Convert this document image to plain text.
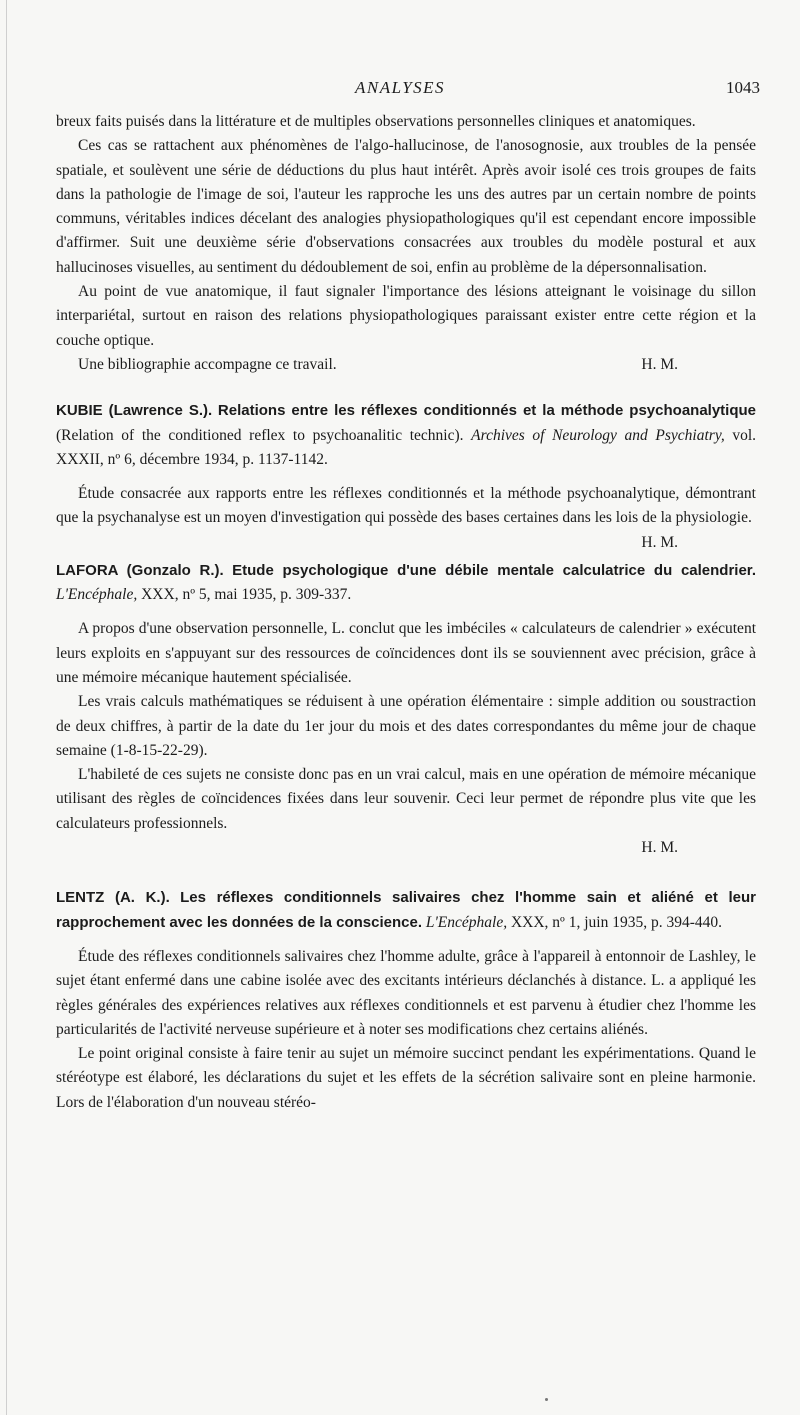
ANALYSES	1043

breux faits puisés dans la littérature et de multiples observations personnelles cliniques et anatomiques.

Ces cas se rattachent aux phénomènes de l'algo-hallucinose, de l'anosognosie, aux troubles de la pensée spatiale, et soulèvent une série de déductions du plus haut intérêt. Après avoir isolé ces trois groupes de faits dans la pathologie de l'image de soi, l'auteur les rapproche les uns des autres par un certain nombre de points communs, véritables indices décelant des analogies physiopathologiques qu'il est cependant encore impossible d'affirmer. Suit une deuxième série d'observations consacrées aux troubles du modèle postural et aux hallucinoses visuelles, au sentiment du dédoublement de soi, enfin au problème de la dépersonnalisation.

Au point de vue anatomique, il faut signaler l'importance des lésions atteignant le voisinage du sillon interpariétal, surtout en raison des relations physiopathologiques paraissant exister entre cette région et la couche optique.

Une bibliographie accompagne ce travail.	H. M.

KUBIE (Lawrence S.). Relations entre les réflexes conditionnés et la méthode psychoanalytique (Relation of the conditioned reflex to psychoanalitic technic). Archives of Neurology and Psychiatry, vol. XXXII, nº 6, décembre 1934, p. 1137-1142.

Étude consacrée aux rapports entre les réflexes conditionnés et la méthode psychoanalytique, démontrant que la psychanalyse est un moyen d'investigation qui possède des bases certaines dans les lois de la physiologie.
H. M.

LAFORA (Gonzalo R.). Etude psychologique d'une débile mentale calculatrice du calendrier. L'Encéphale, XXX, nº 5, mai 1935, p. 309-337.

A propos d'une observation personnelle, L. conclut que les imbéciles « calculateurs de calendrier » exécutent leurs exploits en s'appuyant sur des ressources de coïncidences dont ils se souviennent avec précision, grâce à une mémoire mécanique hautement spécialisée.

Les vrais calculs mathématiques se réduisent à une opération élémentaire : simple addition ou soustraction de deux chiffres, à partir de la date du 1er jour du mois et des dates correspondantes du même jour de chaque semaine (1-8-15-22-29).

L'habileté de ces sujets ne consiste donc pas en un vrai calcul, mais en une opération de mémoire mécanique utilisant des règles de coïncidences fixées dans leur souvenir. Ceci leur permet de répondre plus vite que les calculateurs professionnels.

H. M.
LENTZ (A. K.). Les réflexes conditionnels salivaires chez l'homme sain et aliéné et leur rapprochement avec les données de la conscience. L'Encéphale, XXX, nº 1, juin 1935, p. 394-440.

Étude des réflexes conditionnels salivaires chez l'homme adulte, grâce à l'appareil à entonnoir de Lashley, le sujet étant enfermé dans une cabine isolée avec des excitants intérieurs déclanchés à distance. L. a appliqué les règles générales des expériences relatives aux réflexes conditionnels et est parvenu à étudier chez l'homme les particularités de l'activité nerveuse supérieure et à noter ses modifications chez certains aliénés.

Le point original consiste à faire tenir au sujet un mémoire succinct pendant les expérimentations. Quand le stéréotype est élaboré, les déclarations du sujet et les effets de la sécrétion salivaire sont en pleine harmonie. Lors de l'élaboration d'un nouveau stéréo-
